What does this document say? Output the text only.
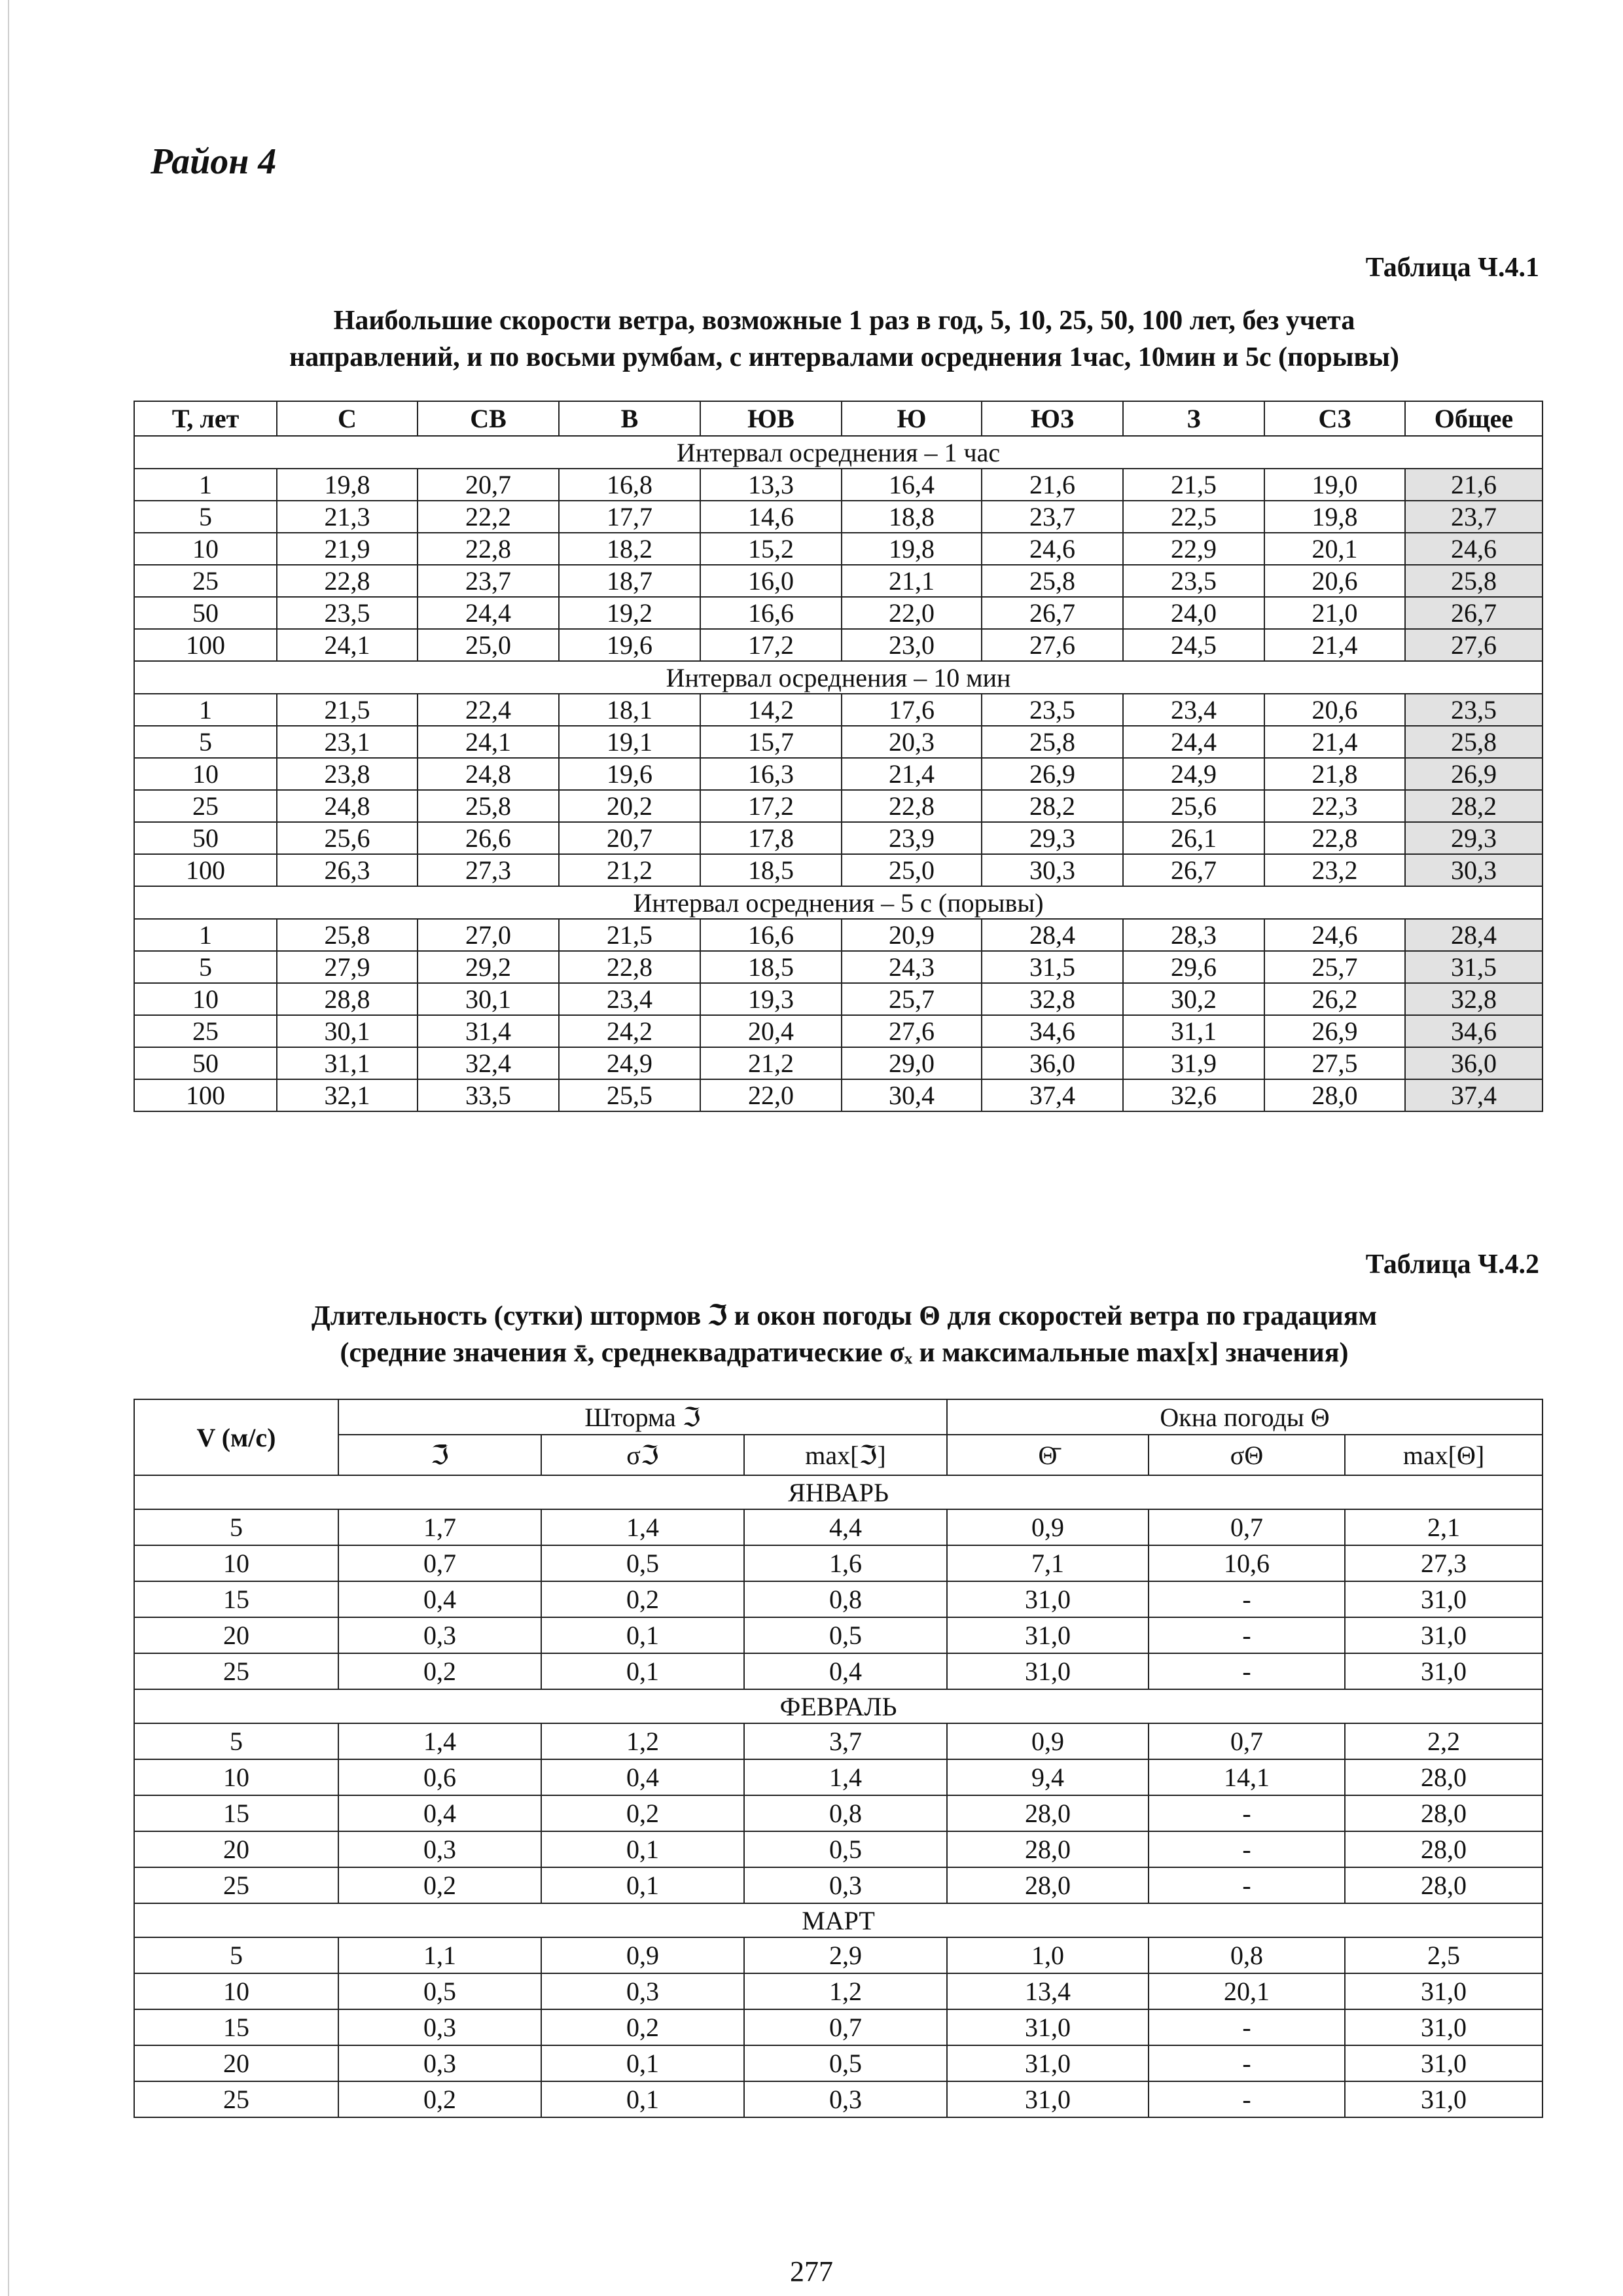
Район 4
Таблица Ч.4.1
Наибольшие скорости ветра, возможные 1 раз в год, 5, 10, 25, 50, 100 лет, без учета
направлений, и по восьми румбам, с интервалами осреднения 1час, 10мин и 5с (порывы)
Т, лет	С	СВ	В	ЮВ	Ю	ЮЗ	З	СЗ	Общее
Интервал осреднения – 1 час									
1	19,8	20,7	16,8	13,3	16,4	21,6	21,5	19,0	21,6
5	21,3	22,2	17,7	14,6	18,8	23,7	22,5	19,8	23,7
10	21,9	22,8	18,2	15,2	19,8	24,6	22,9	20,1	24,6
25	22,8	23,7	18,7	16,0	21,1	25,8	23,5	20,6	25,8
50	23,5	24,4	19,2	16,6	22,0	26,7	24,0	21,0	26,7
100	24,1	25,0	19,6	17,2	23,0	27,6	24,5	21,4	27,6
Интервал осреднения – 10 мин									
1	21,5	22,4	18,1	14,2	17,6	23,5	23,4	20,6	23,5
5	23,1	24,1	19,1	15,7	20,3	25,8	24,4	21,4	25,8
10	23,8	24,8	19,6	16,3	21,4	26,9	24,9	21,8	26,9
25	24,8	25,8	20,2	17,2	22,8	28,2	25,6	22,3	28,2
50	25,6	26,6	20,7	17,8	23,9	29,3	26,1	22,8	29,3
100	26,3	27,3	21,2	18,5	25,0	30,3	26,7	23,2	30,3
Интервал осреднения – 5 с (порывы)									
1	25,8	27,0	21,5	16,6	20,9	28,4	28,3	24,6	28,4
5	27,9	29,2	22,8	18,5	24,3	31,5	29,6	25,7	31,5
10	28,8	30,1	23,4	19,3	25,7	32,8	30,2	26,2	32,8
25	30,1	31,4	24,2	20,4	27,6	34,6	31,1	26,9	34,6
50	31,1	32,4	24,9	21,2	29,0	36,0	31,9	27,5	36,0
100	32,1	33,5	25,5	22,0	30,4	37,4	32,6	28,0	37,4
Таблица Ч.4.2
Длительность (сутки) штормов ℑ и окон погоды Θ для скоростей ветра по градациям
(средние значения x̄, среднеквадратические σₓ и максимальные max[x] значения)
V (м/с)	Шторма ℑ			Окна погоды Θ		
	ℑ̄	σℑ	max[ℑ]	Θ̄	σΘ	max[Θ]
ЯНВАРЬ						
5	1,7	1,4	4,4	0,9	0,7	2,1
10	0,7	0,5	1,6	7,1	10,6	27,3
15	0,4	0,2	0,8	31,0	-	31,0
20	0,3	0,1	0,5	31,0	-	31,0
25	0,2	0,1	0,4	31,0	-	31,0
ФЕВРАЛЬ						
5	1,4	1,2	3,7	0,9	0,7	2,2
10	0,6	0,4	1,4	9,4	14,1	28,0
15	0,4	0,2	0,8	28,0	-	28,0
20	0,3	0,1	0,5	28,0	-	28,0
25	0,2	0,1	0,3	28,0	-	28,0
МАРТ						
5	1,1	0,9	2,9	1,0	0,8	2,5
10	0,5	0,3	1,2	13,4	20,1	31,0
15	0,3	0,2	0,7	31,0	-	31,0
20	0,3	0,1	0,5	31,0	-	31,0
25	0,2	0,1	0,3	31,0	-	31,0
277
